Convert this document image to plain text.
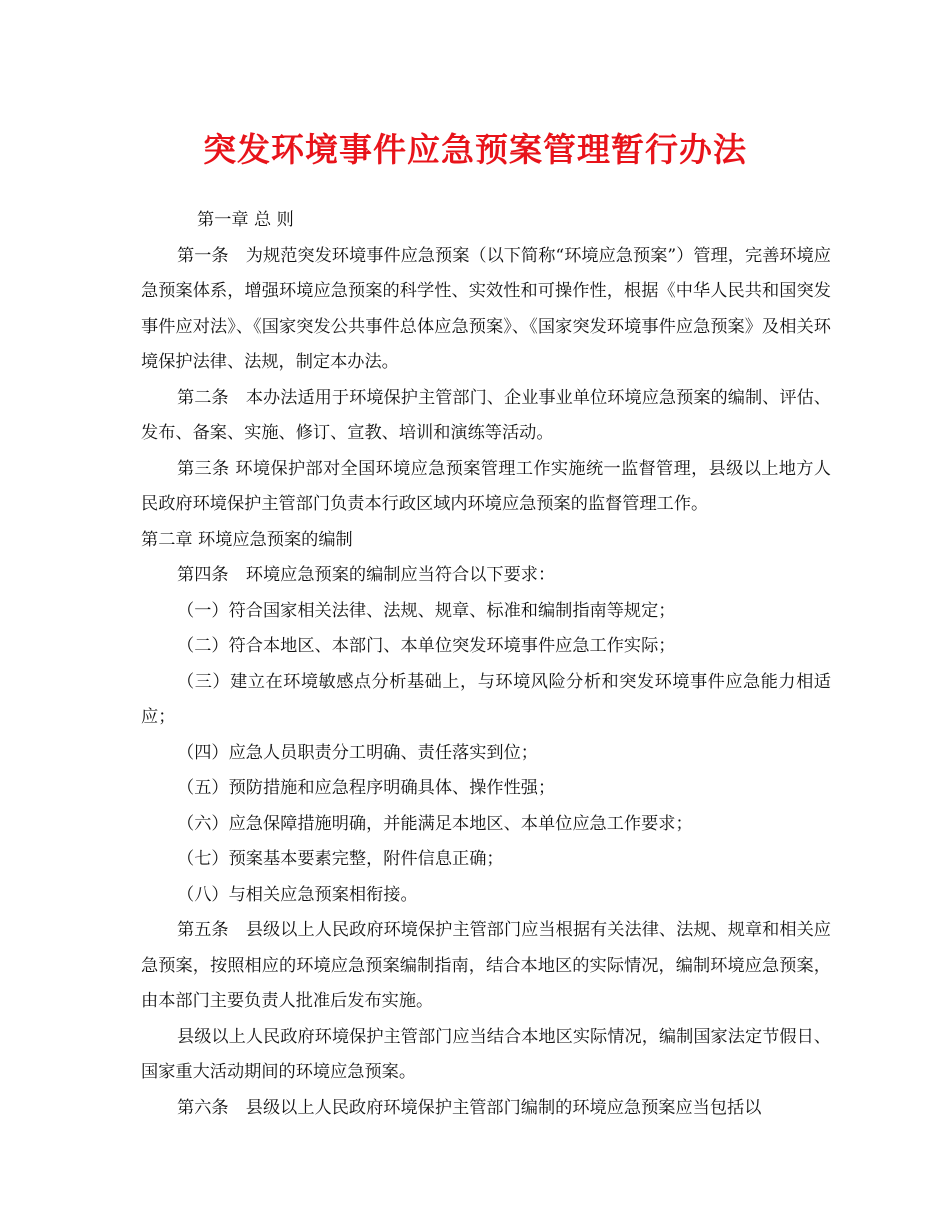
突发环境事件应急预案管理暂行办法

第一章 总 则

第一条　为规范突发环境事件应急预案（以下简称“环境应急预案”）管理，完善环境应急预案体系，增强环境应急预案的科学性、实效性和可操作性，根据《中华人民共和国突发事件应对法》、《国家突发公共事件总体应急预案》、《国家突发环境事件应急预案》及相关环境保护法律、法规，制定本办法。

第二条　本办法适用于环境保护主管部门、企业事业单位环境应急预案的编制、评估、发布、备案、实施、修订、宣教、培训和演练等活动。

第三条 环境保护部对全国环境应急预案管理工作实施统一监督管理，县级以上地方人民政府环境保护主管部门负责本行政区域内环境应急预案的监督管理工作。

第二章 环境应急预案的编制

第四条　环境应急预案的编制应当符合以下要求：

（一）符合国家相关法律、法规、规章、标准和编制指南等规定；

（二）符合本地区、本部门、本单位突发环境事件应急工作实际；

（三）建立在环境敏感点分析基础上，与环境风险分析和突发环境事件应急能力相适应；

（四）应急人员职责分工明确、责任落实到位；

（五）预防措施和应急程序明确具体、操作性强；

（六）应急保障措施明确，并能满足本地区、本单位应急工作要求；

（七）预案基本要素完整，附件信息正确；

（八）与相关应急预案相衔接。

第五条　县级以上人民政府环境保护主管部门应当根据有关法律、法规、规章和相关应急预案，按照相应的环境应急预案编制指南，结合本地区的实际情况，编制环境应急预案，由本部门主要负责人批准后发布实施。

县级以上人民政府环境保护主管部门应当结合本地区实际情况，编制国家法定节假日、国家重大活动期间的环境应急预案。

第六条　县级以上人民政府环境保护主管部门编制的环境应急预案应当包括以
